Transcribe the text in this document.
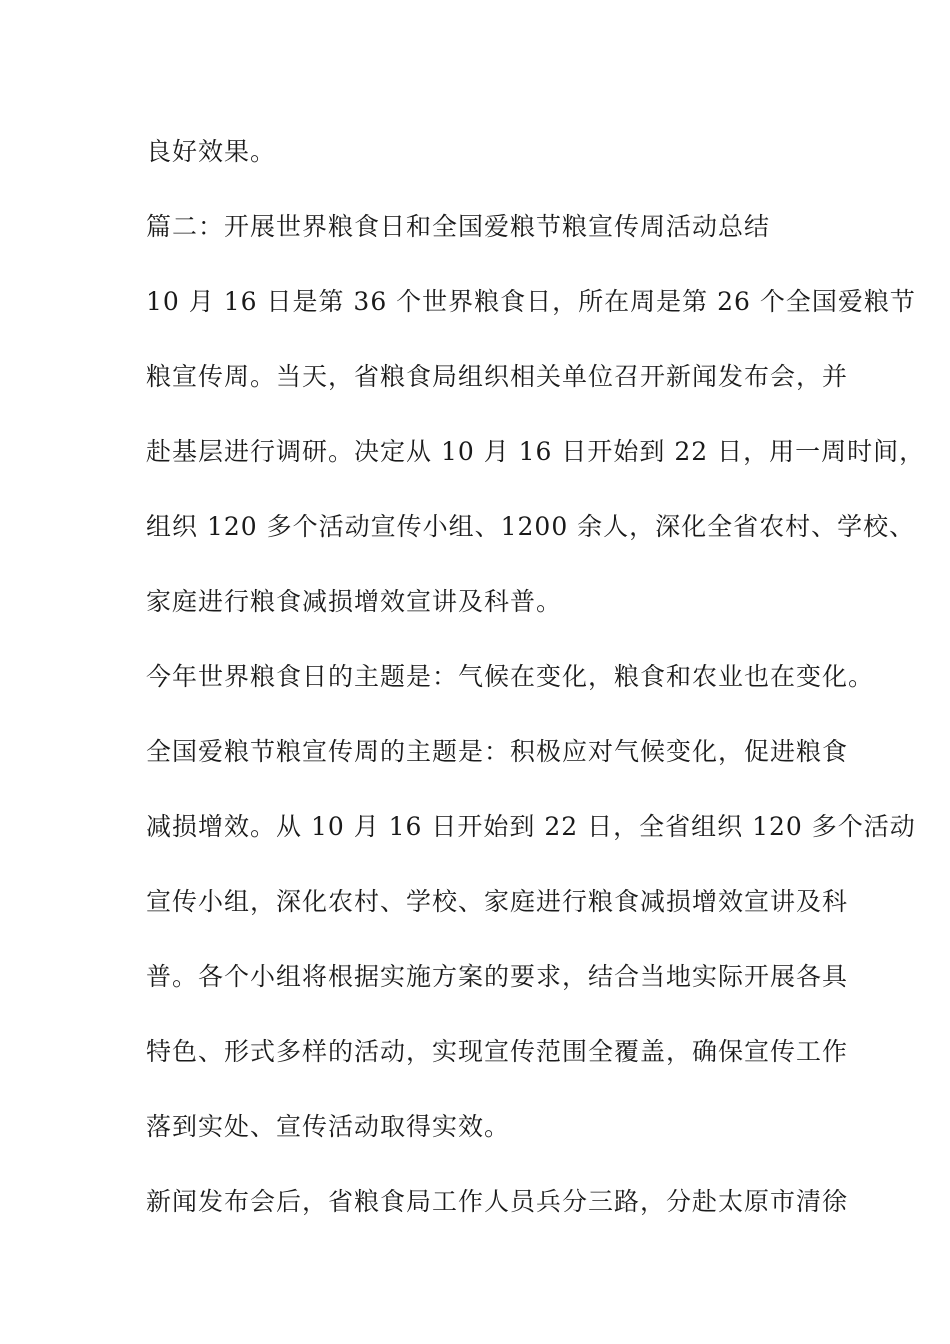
良好效果。
篇二：开展世界粮食日和全国爱粮节粮宣传周活动总结
10 月 16 日是第 36 个世界粮食日，所在周是第 26 个全国爱粮节
粮宣传周。当天，省粮食局组织相关单位召开新闻发布会，并
赴基层进行调研。决定从 10 月 16 日开始到 22 日，用一周时间，
组织 120 多个活动宣传小组、1200 余人，深化全省农村、学校、
家庭进行粮食减损增效宣讲及科普。
今年世界粮食日的主题是：气候在变化，粮食和农业也在变化。
全国爱粮节粮宣传周的主题是：积极应对气候变化，促进粮食
减损增效。从 10 月 16 日开始到 22 日，全省组织 120 多个活动
宣传小组，深化农村、学校、家庭进行粮食减损增效宣讲及科
普。各个小组将根据实施方案的要求，结合当地实际开展各具
特色、形式多样的活动，实现宣传范围全覆盖，确保宣传工作
落到实处、宣传活动取得实效。
新闻发布会后，省粮食局工作人员兵分三路，分赴太原市清徐
